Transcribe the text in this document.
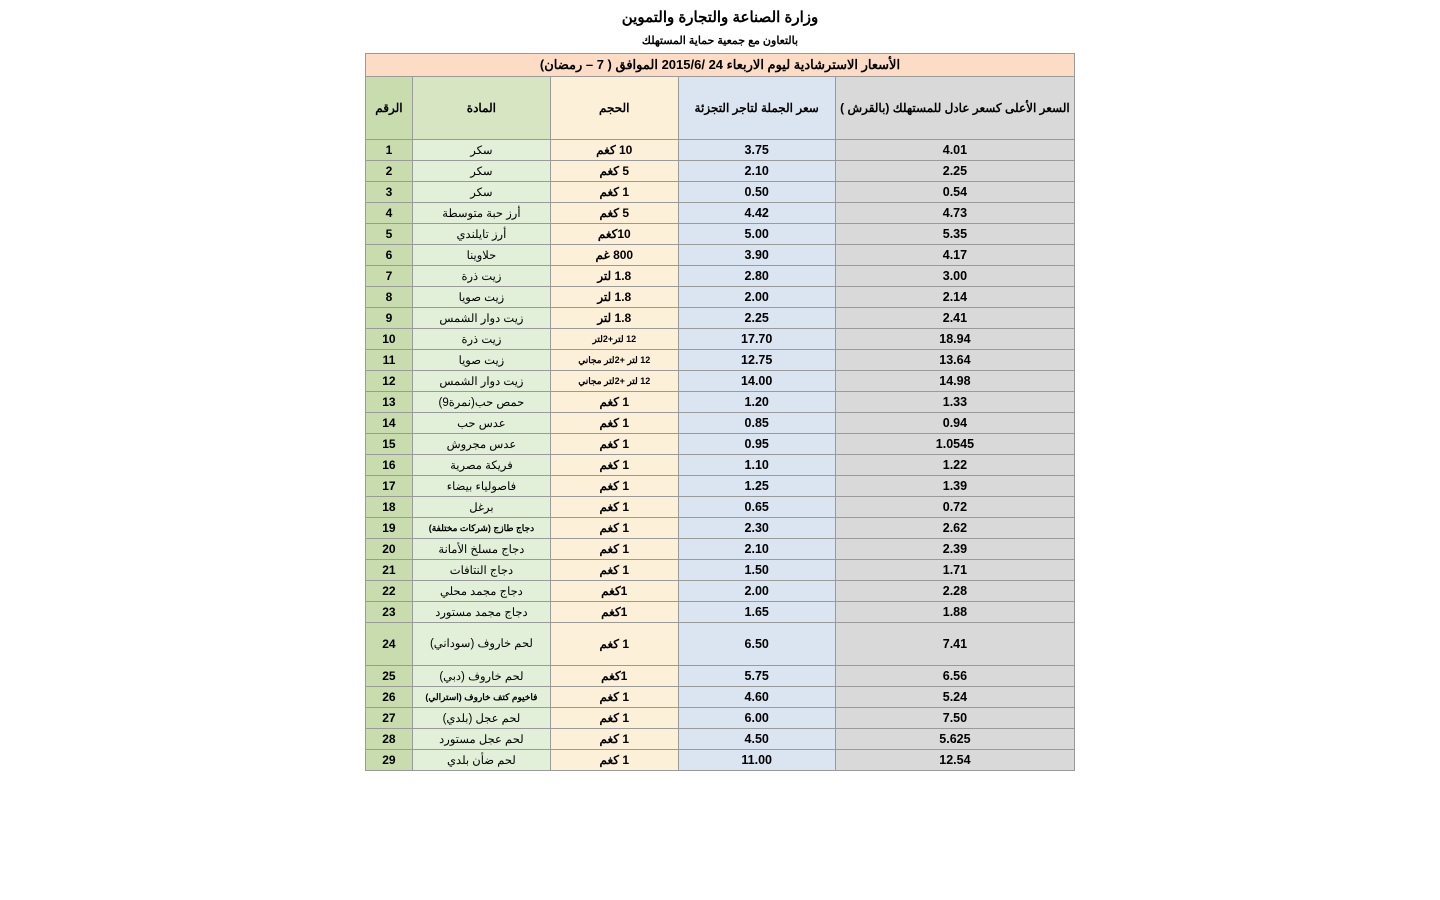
وزارة الصناعة والتجارة والتموين
بالتعاون مع جمعية حماية المستهلك
الأسعار الاسترشادية ليوم الاربعاء 24 /2015/6 الموافق ( 7 – رمضان)				
السعر الأعلى كسعر عادل للمستهلك (بالقرش )	سعر الجملة لتاجر التجزئة	الحجم	المادة	الرقم
4.01	3.75	10 كغم	سكر	1
2.25	2.10	5 كغم	سكر	2
0.54	0.50	1 كغم	سكر	3
4.73	4.42	5 كغم	أرز حبة متوسطة	4
5.35	5.00	10كغم	أرز تايلندي	5
4.17	3.90	800 غم	حلاوينا	6
3.00	2.80	1.8 لتر	زيت ذرة	7
2.14	2.00	1.8 لتر	زيت صويا	8
2.41	2.25	1.8 لتر	زيت دوار الشمس	9
18.94	17.70	12 لتر+2لتر	زيت ذرة	10
13.64	12.75	12 لتر +2لتر مجاني	زيت صويا	11
14.98	14.00	12 لتر +2لتر مجاني	زيت دوار الشمس	12
1.33	1.20	1 كغم	حمص حب(نمرة9)	13
0.94	0.85	1 كغم	عدس حب	14
1.0545	0.95	1 كغم	عدس مجروش	15
1.22	1.10	1 كغم	فريكة مصرية	16
1.39	1.25	1 كغم	فاصولياء بيضاء	17
0.72	0.65	1 كغم	برغل	18
2.62	2.30	1 كغم	دجاج طازج (شركات مختلفة)	19
2.39	2.10	1 كغم	دجاج مسلخ الأمانة	20
1.71	1.50	1 كغم	دجاج النتافات	21
2.28	2.00	1كغم	دجاج مجمد محلي	22
1.88	1.65	1كغم	دجاج مجمد مستورد	23
7.41	6.50	1 كغم	لحم خاروف (سوداني)	24
6.56	5.75	1كغم	لحم خاروف (دبي)	25
5.24	4.60	1 كغم	فاخيوم كتف خاروف (استرالي)	26
7.50	6.00	1 كغم	لحم عجل (بلدي)	27
5.625	4.50	1 كغم	لحم عجل مستورد	28
12.54	11.00	1 كغم	لحم ضأن بلدي	29
